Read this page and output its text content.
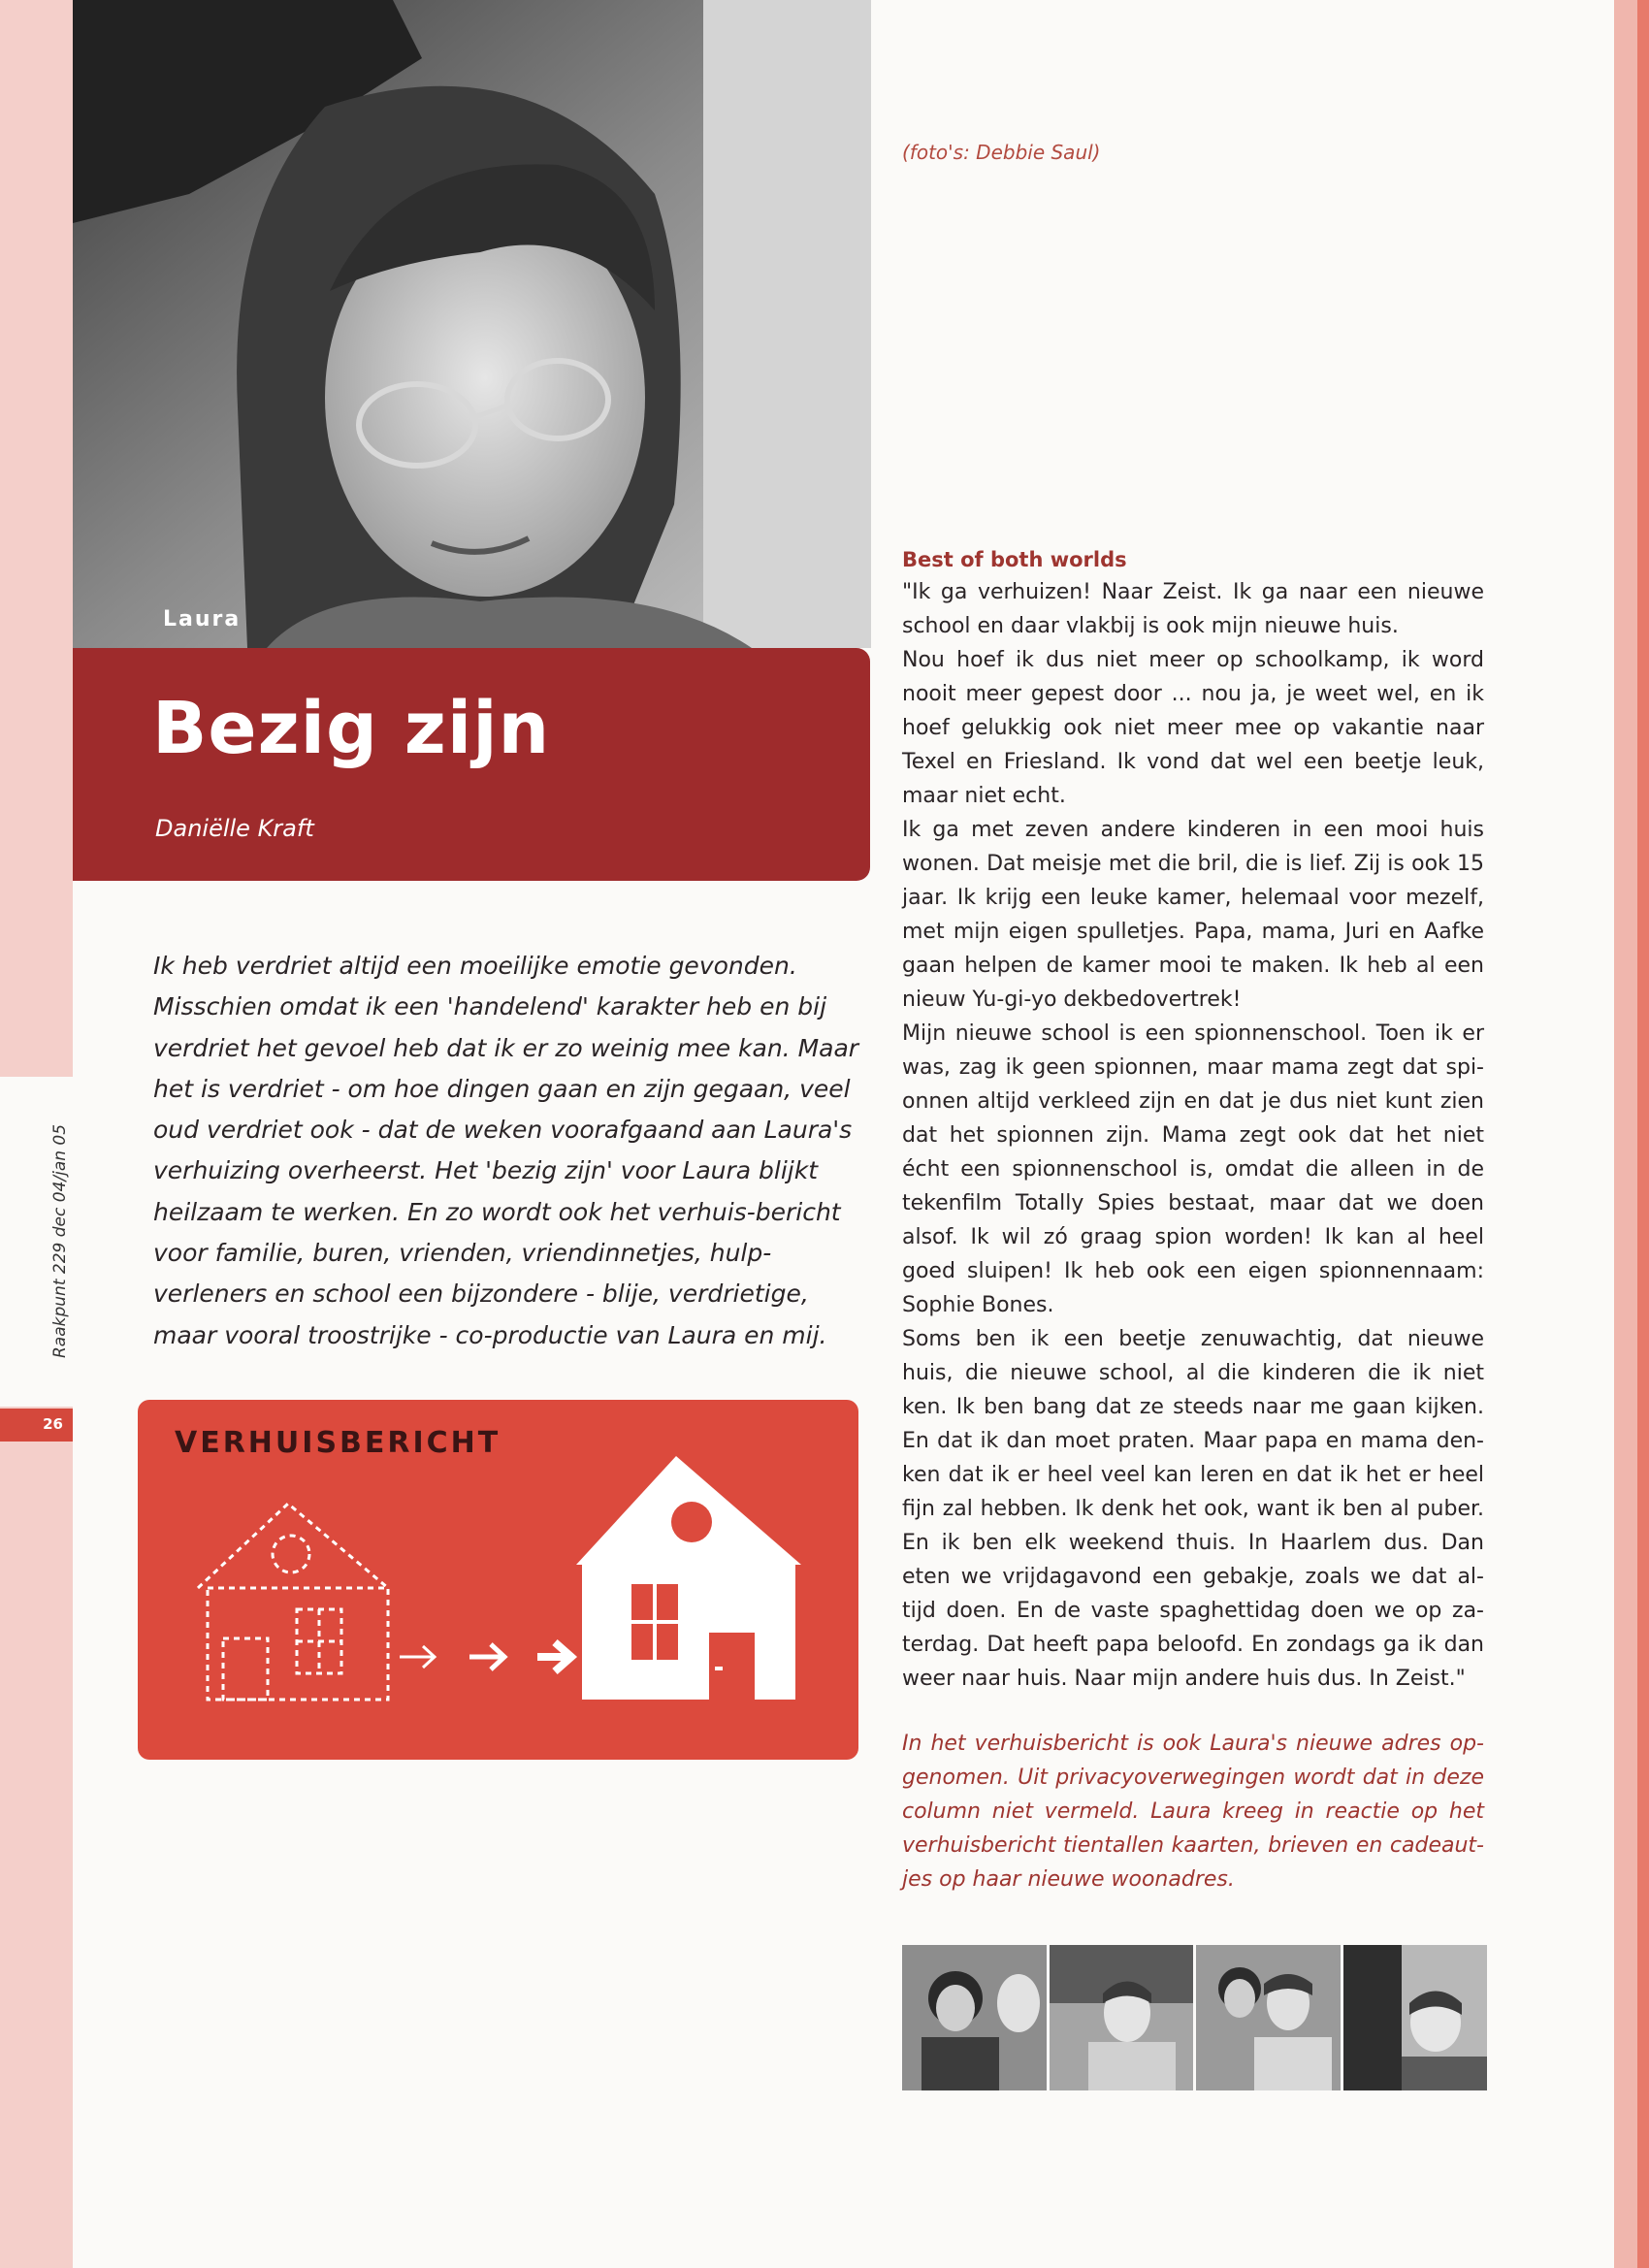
Raakpunt 229 dec 04/jan 05
26
Laura
(foto's: Debbie Saul)
Bezig zijn
Daniëlle Kraft
Ik heb verdriet altijd een moeilijke emotie gevonden. Misschien omdat ik een 'handelend' karakter heb en bij verdriet het gevoel heb dat ik er zo weinig mee kan. Maar het is verdriet - om hoe dingen gaan en zijn gegaan, veel oud verdriet ook - dat de weken voorafgaand aan Laura's verhuizing overheerst. Het 'bezig zijn' voor Laura blijkt heilzaam te werken. En zo wordt ook het verhuis-bericht voor familie, buren, vrienden, vriendinnetjes, hulp-verleners en school een bijzondere - blije, verdrietige, maar vooral troostrijke - co-productie van Laura en mij.
VERHUISBERICHT
Best of both worlds

"Ik ga verhuizen! Naar Zeist. Ik ga naar een nieuwe school en daar vlakbij is ook mijn nieuwe huis.

Nou hoef ik dus niet meer op schoolkamp, ik word nooit meer gepest door ... nou ja, je weet wel, en ik hoef gelukkig ook niet meer mee op vakantie naar Texel en Friesland. Ik vond dat wel een beetje leuk, maar niet echt.

Ik ga met zeven andere kinderen in een mooi huis wonen. Dat meisje met die bril, die is lief. Zij is ook 15 jaar. Ik krijg een leuke kamer, helemaal voor mezelf, met mijn eigen spulletjes. Papa, mama, Juri en Aafke gaan helpen de kamer mooi te maken. Ik heb al een nieuw Yu-gi-yo dekbedovertrek!

Mijn nieuwe school is een spionnenschool. Toen ik er was, zag ik geen spionnen, maar mama zegt dat spi-onnen altijd verkleed zijn en dat je dus niet kunt zien dat het spionnen zijn. Mama zegt ook dat het niet écht een spionnenschool is, omdat die alleen in de tekenfilm Totally Spies bestaat, maar dat we doen alsof. Ik wil zó graag spion worden! Ik kan al heel goed sluipen! Ik heb ook een eigen spionnennaam: Sophie Bones.

Soms ben ik een beetje zenuwachtig, dat nieuwe huis, die nieuwe school, al die kinderen die ik niet ken. Ik ben bang dat ze steeds naar me gaan kijken. En dat ik dan moet praten. Maar papa en mama den-ken dat ik er heel veel kan leren en dat ik het er heel fijn zal hebben. Ik denk het ook, want ik ben al puber. En ik ben elk weekend thuis. In Haarlem dus. Dan eten we vrijdagavond een gebakje, zoals we dat al-tijd doen. En de vaste spaghettidag doen we op za-terdag. Dat heeft papa beloofd. En zondags ga ik dan weer naar huis. Naar mijn andere huis dus. In Zeist."

In het verhuisbericht is ook Laura's nieuwe adres op-genomen. Uit privacyoverwegingen wordt dat in deze column niet vermeld. Laura kreeg in reactie op het verhuisbericht tientallen kaarten, brieven en cadeaut-jes op haar nieuwe woonadres.
